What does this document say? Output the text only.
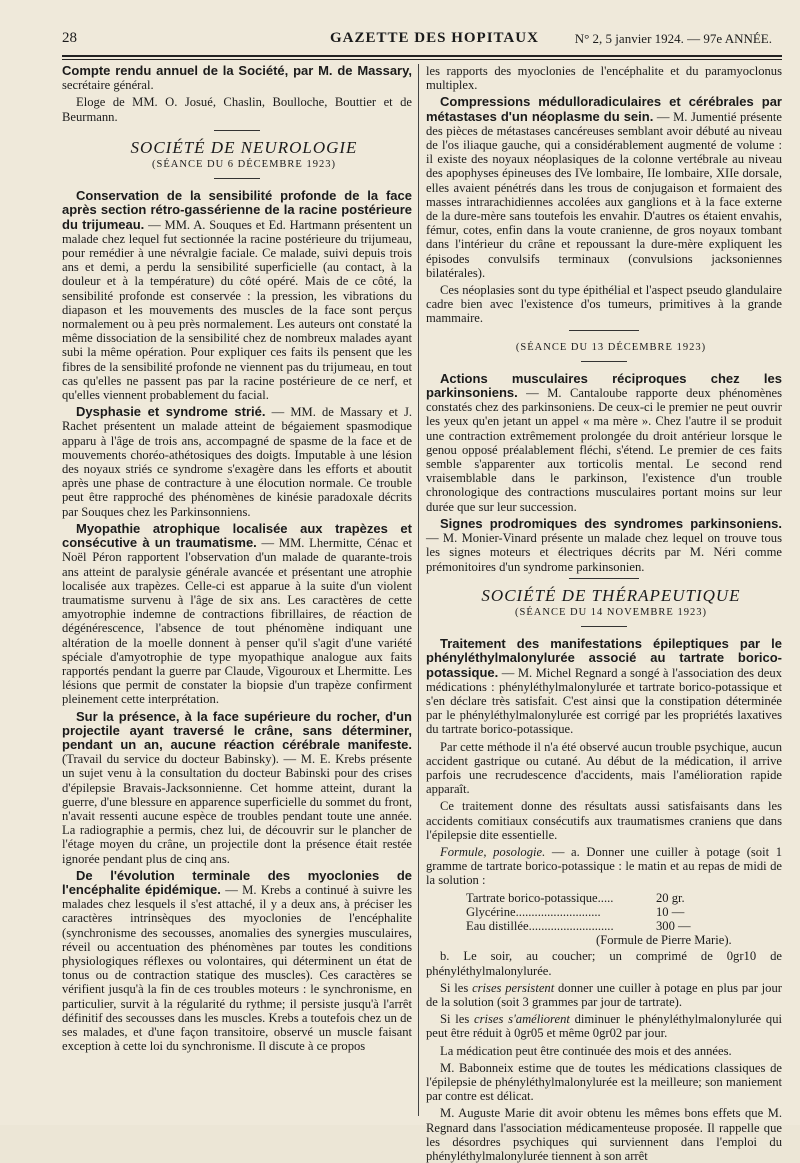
28	GAZETTE DES HOPITAUX	N° 2, 5 janvier 1924. — 97e ANNÉE.

Compte rendu annuel de la Société, par M. de Massary, secrétaire général.

Eloge de MM. O. Josué, Chaslin, Boulloche, Bouttier et de Beurmann.

SOCIÉTÉ DE NEUROLOGIE

(SÉANCE DU 6 DÉCEMBRE 1923)

Conservation de la sensibilité profonde de la face après section rétro-gassérienne de la racine postérieure du trijumeau. — MM. A. Souques et Ed. Hartmann présentent un malade chez lequel fut sectionnée la racine postérieure du trijumeau, pour remédier à une névralgie faciale. Ce malade, suivi depuis trois ans et demi, a perdu la sensibilité superficielle (au contact, à la douleur et à la température) du côté opéré. Mais de ce côté, la sensibilité profonde est conservée : la pression, les vibrations du diapason et les mouvements des muscles de la face sont perçus normalement ou à peu près normalement. Les auteurs ont constaté la même dissociation de la sensibilité chez de nombreux malades ayant subi la même opération. Pour expliquer ces faits ils pensent que les fibres de la sensibilité profonde ne viennent pas du trijumeau, en tout cas qu'elles ne passent pas par la racine postérieure de ce nerf, et qu'elles viennent probablement du facial.

Dysphasie et syndrome strié. — MM. de Massary et J. Rachet présentent un malade atteint de bégaiement spasmodique apparu à l'âge de trois ans, accompagné de spasme de la face et de mouvements choréo-athétosiques des doigts. Imputable à une lésion des noyaux striés ce syndrome s'exagère dans les efforts et aboutit après une phase de contracture à une élocution normale. Ce trouble peut être rapproché des phénomènes de kinésie paradoxale décrits par Souques chez les Parkinsonniens.

Myopathie atrophique localisée aux trapèzes et consécutive à un traumatisme. — MM. Lhermitte, Cénac et Noël Péron rapportent l'observation d'un malade de quarante-trois ans atteint de paralysie générale avancée et présentant une atrophie localisée aux trapèzes. Celle-ci est apparue à la suite d'un violent traumatisme survenu à l'âge de six ans. Les caractères de cette amyotrophie indemne de contractions fibrillaires, de réaction de dégénérescence, l'absence de tout phénomène indiquant une altération de la moelle donnent à penser qu'il s'agit d'une variété spéciale d'amyotrophie de type myopathique analogue aux faits rapportés pendant la guerre par Claude, Vigouroux et Lhermitte. Les lésions que permit de constater la biopsie d'un trapèze confirment pleinement cette interprétation.

Sur la présence, à la face supérieure du rocher, d'un projectile ayant traversé le crâne, sans déterminer, pendant un an, aucune réaction cérébrale manifeste. (Travail du service du docteur Babinsky). — M. E. Krebs présente un sujet venu à la consultation du docteur Babinski pour des crises d'épilepsie Bravais-Jacksonnienne. Cet homme atteint, durant la guerre, d'une blessure en apparence superficielle du sommet du front, n'avait ressenti aucune espèce de troubles pendant toute une année. La radiographie a permis, chez lui, de découvrir sur le plancher de l'étage moyen du crâne, un projectile dont la présence était restée ignorée pendant plus de cinq ans.

De l'évolution terminale des myoclonies de l'encéphalite épidémique. — M. Krebs a continué à suivre les malades chez lesquels il s'est attaché, il y a deux ans, à préciser les caractères intrinsèques des myoclonies de l'encéphalite (synchronisme des secousses, anomalies des synergies musculaires, réveil ou accentuation des phénomènes par toutes les conditions physiologiques réflexes ou volontaires, qui déterminent un état de tonus ou de contraction statique des muscles). Ces caractères se vérifient jusqu'à la fin de ces troubles moteurs : le synchronisme, en particulier, survit à la régularité du rythme; il persiste jusqu'à l'arrêt définitif des secousses dans les muscles. Krebs a toutefois chez un de ses malades, et d'une façon transitoire, observé un muscle faisant exception à cette loi du synchronisme. Il discute à ce propos

les rapports des myoclonies de l'encéphalite et du paramyoclonus multiplex.

Compressions médulloradiculaires et cérébrales par métastases d'un néoplasme du sein. — M. Jumentié présente des pièces de métastases cancéreuses semblant avoir débuté au niveau de l'os iliaque gauche, qui a considérablement augmenté de volume : il existe des noyaux néoplasiques de la colonne vertébrale au niveau des apophyses épineuses des IVe lombaire, IIe lombaire, XIIe dorsale, elles avaient pénétrés dans les trous de conjugaison et formaient des masses intrarachidiennes accolées aux ganglions et à la face externe de la dure-mère sans toutefois les envahir. D'autres os étaient envahis, fémur, cotes, enfin dans la voute cranienne, de gros noyaux tombant dans l'intérieur du crâne et repoussant la dure-mère expliquent les épisodes convulsifs terminaux (convulsions jacksoniennes bilatérales).

Ces néoplasies sont du type épithélial et l'aspect pseudo glandulaire cadre bien avec l'existence d'os tumeurs, primitives à la grande mammaire.

(SÉANCE DU 13 DÉCEMBRE 1923)

Actions musculaires réciproques chez les parkinsoniens. — M. Cantaloube rapporte deux phénomènes constatés chez des parkinsoniens. De ceux-ci le premier ne peut ouvrir les yeux qu'en jetant un appel « ma mère ». Chez l'autre il se produit une contraction extrêmement prolongée du droit antérieur lorsque le genou opposé préalablement fléchi, s'étend. Le premier de ces faits semble s'apparenter aux torticolis mental. Le second rend vraisemblable dans le parkinson, l'existence d'un trouble chronologique des contractions musculaires portant moins sur leur durée que sur leur succession.

Signes prodromiques des syndromes parkinsoniens. — M. Monier-Vinard présente un malade chez lequel on trouve tous les signes moteurs et électriques décrits par M. Néri comme prémonitoires d'un syndrome parkinsonien.

SOCIÉTÉ DE THÉRAPEUTIQUE

(SÉANCE DU 14 NOVEMBRE 1923)

Traitement des manifestations épileptiques par le phényléthylmalonylurée associé au tartrate borico-potassique. — M. Michel Regnard a songé à l'association des deux médications : phényléthylmalonylurée et tartrate borico-potassique et s'en déclare très satisfait. C'est ainsi que la constipation déterminée par le phényléthylmalonylurée est corrigé par les propriétés laxatives du tartrate borico-potassique.

Par cette méthode il n'a été observé aucun trouble psychique, aucun accident gastrique ou cutané. Au début de la médication, il arrive parfois une recrudescence d'accidents, mais l'amélioration rapide apparaît.

Ce traitement donne des résultats aussi satisfaisants dans les accidents comitiaux consécutifs aux traumatismes craniens que dans l'épilepsie dite essentielle.

Formule, posologie. — a. Donner une cuiller à potage (soit 1 gramme de tartrate borico-potassique : le matin et au repas de midi de la solution :

Tartrate borico-potassique.....	20 gr.
Glycérine...........................	10 —
Eau distillée...........................	300 —
(Formule de Pierre Marie).

b. Le soir, au coucher; un comprimé de 0gr10 de phényléthylmalonylurée.

Si les crises persistent donner une cuiller à potage en plus par jour de la solution (soit 3 grammes par jour de tartrate).

Si les crises s'améliorent diminuer le phényléthylmalonylurée qui peut être réduit à 0gr05 et même 0gr02 par jour.

La médication peut être continuée des mois et des années.

M. Babonneix estime que de toutes les médications classiques de l'épilepsie de phényléthylmalonylurée est la meilleure; son maniement par contre est délicat.

M. Auguste Marie dit avoir obtenu les mêmes bons effets que M. Regnard dans l'association médicamenteuse proposée. Il rappelle que les désordres psychiques qui surviennent dans l'emploi du phényléthylmalonylurée tiennent à son arrêt
